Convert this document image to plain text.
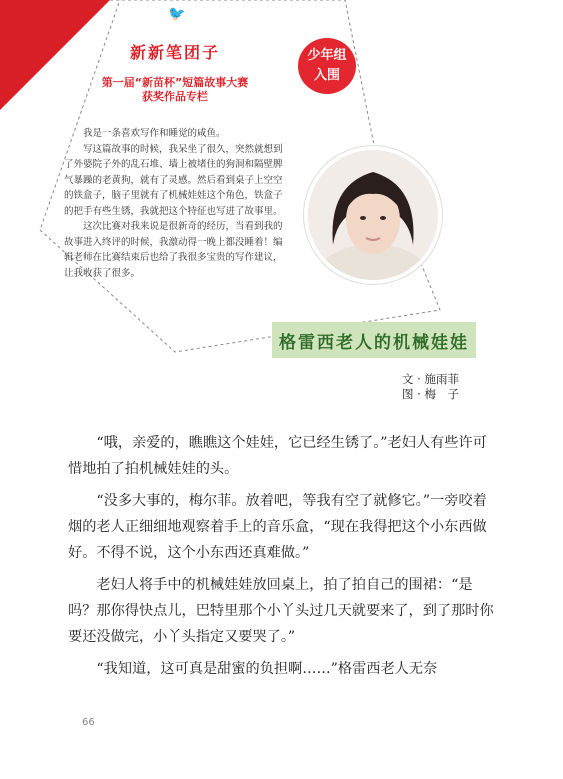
🐦
新新笔团子
第一届“新苗杯”短篇故事大赛
获奖作品专栏
少年组
入围

我是一条喜欢写作和睡觉的咸鱼。

写这篇故事的时候，我呆坐了很久，突然就想到了外婆院子外的乱石堆、墙上被堵住的狗洞和隔壁脾气暴躁的老黄狗，就有了灵感。然后看到桌子上空空的铁盒子，脑子里就有了机械娃娃这个角色，铁盒子的把手有些生锈，我就把这个特征也写进了故事里。

这次比赛对我来说是很新奇的经历，当看到我的故事进入终评的时候，我激动得一晚上都没睡着！编辑老师在比赛结束后也给了我很多宝贵的写作建议，让我收获了很多。

格雷西老人的机械娃娃
文 · 施雨菲
图 · 梅　子

“哦，亲爱的，瞧瞧这个娃娃，它已经生锈了。”老妇人有些许可惜地拍了拍机械娃娃的头。

“没多大事的，梅尔菲。放着吧，等我有空了就修它。”一旁咬着烟的老人正细细地观察着手上的音乐盒，“现在我得把这个小东西做好。不得不说，这个小东西还真难做。”

老妇人将手中的机械娃娃放回桌上，拍了拍自己的围裙：“是吗？那你得快点儿，巴特里那个小丫头过几天就要来了，到了那时你要还没做完，小丫头指定又要哭了。”

“我知道，这可真是甜蜜的负担啊……”格雷西老人无奈

66
